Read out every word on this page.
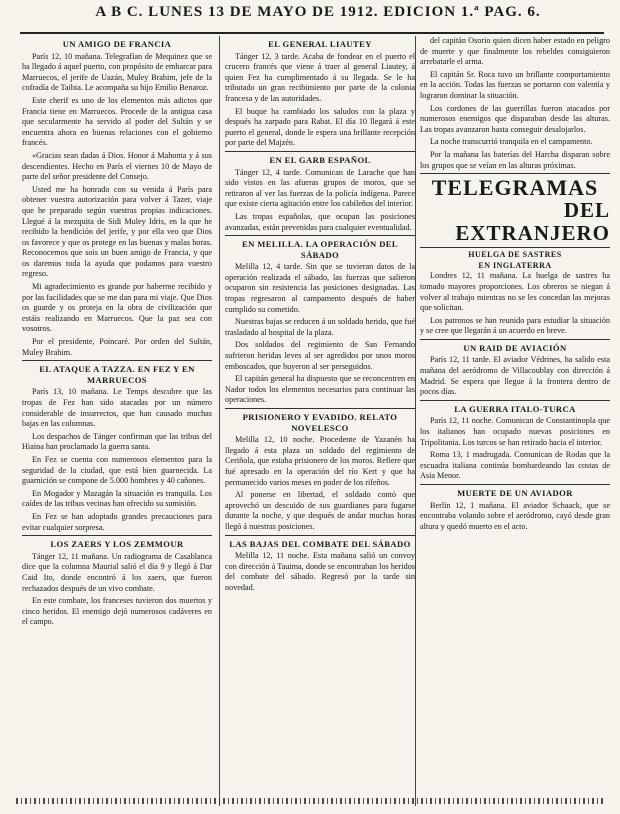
A B C. LUNES 13 DE MAYO DE 1912. EDICION 1.ª PAG. 6.
UN AMIGO DE FRANCIA

París 12, 10 mañana. Telegrafían de Mequinez que se ha llegado á aquel puerto, con propósito de embarcar para Marruecos, el jerife de Uazán, Muley Brahim, jefe de la cofradía de Taibia. Le acompaña su hijo Emilio Benaroz.

Este cherif es uno de los elementos más adictos que Francia tiene en Marruecos. Procede de la antigua casa que secularmente ha servido al poder del Sultán y se encuentra ahora en buenas relaciones con el gobierno francés.

«Gracias sean dadas á Dios. Honor á Mahoma y á sus descendientes. Hecho en París el viernes 10 de Mayo de parte del señor presidente del Consejo.

Usted me ha honrado con su venida á París para obtener vuestra autorización para volver á Tazer, viaje que he preparado según vuestras propias indicaciones. Llegué á la mezquita de Sidi Muley Idris, en la que he recibido la bendición del jerife, y por ella veo que Dios os favorece y que os protege en las buenas y malas horas. Reconocemos que sois un buen amigo de Francia, y que os daremos toda la ayuda que podamos para vuestro regreso.

Mi agradecimiento es grande por haberme recibido y por las facilidades que se me dan para mi viaje. Que Dios os guarde y os proteja en la obra de civilización que estáis realizando en Marruecos. Que la paz sea con vosotros.

Por el presidente, Poincaré. Por orden del Sultán, Muley Brahim.

EL ATAQUE A TAZZA. EN FEZ Y EN MARRUECOS

París 13, 10 mañana. Le Temps descubre que las tropas de Fez han sido atacadas por un número considerable de insurrectos, que han causado muchas bajas en las columnas.

Los despachos de Tánger confirman que las tribus del Hiaina han proclamado la guerra santa.

En Fez se cuenta con numerosos elementos para la seguridad de la ciudad, que está bien guarnecida. La guarnición se compone de 5.000 hombres y 40 cañones.

En Mogador y Mazagán la situación es tranquila. Los caídes de las tribus vecinas han ofrecido su sumisión.

En Fez se han adoptado grandes precauciones para evitar cualquier sorpresa.

LOS ZAERS Y LOS ZEMMOUR

Tánger 12, 11 mañana. Un radiograma de Casablanca dice que la columna Maurial salió el día 9 y llegó á Dar Caid Ito, donde encontró á los zaers, que fueron rechazados después de un vivo combate.

En este combate, los franceses tuvieron dos muertos y cinco heridos. El enemigo dejó numerosos cadáveres en el campo.

EL GENERAL LIAUTEY

Tánger 12, 3 tarde. Acaba de fondear en el puerto el crucero francés que viene á traer al general Liautey, á quien Fez ha cumplimentado á su llegada. Se le ha tributado un gran recibimiento por parte de la colonia francesa y de las autoridades.

El buque ha cambiado los saludos con la plaza y después ha zarpado para Rabat. El día 10 llegará á este puerto el general, donde le espera una brillante recepción por parte del Majzén.

EN EL GARB ESPAÑOL

Tánger 12, 4 tarde. Comunican de Larache que han sido vistos en las afueras grupos de moros, que se retiraron al ver las fuerzas de la policía indígena. Parece que existe cierta agitación entre los cabileños del interior.

Las tropas españolas, que ocupan las posiciones avanzadas, están prevenidas para cualquier eventualidad.

EN MELILLA. LA OPERACIÓN DEL SÁBADO

Melilla 12, 4 tarde. Sin que se tuvieran datos de la operación realizada el sábado, las fuerzas que salieron ocuparon sin resistencia las posiciones designadas. Las tropas regresaron al campamento después de haber cumplido su cometido.

Nuestras bajas se reducen á un soldado herido, que fué trasladado al hospital de la plaza.

Dos soldados del regimiento de San Fernando sufrieron heridas leves al ser agredidos por unos moros emboscados, que huyeron al ser perseguidos.

El capitán general ha dispuesto que se reconcentren en Nador todos los elementos necesarios para continuar las operaciones.

PRISIONERO Y EVADIDO. RELATO NOVELESCO

Melilla 12, 10 noche. Procedente de Yazanén ha llegado á esta plaza un soldado del regimiento de Ceriñola, que estaba prisionero de los moros. Refiere que fué apresado en la operación del río Kert y que ha permanecido varios meses en poder de los rifeños.

Al ponerse en libertad, el soldado contó que aprovechó un descuido de sus guardianes para fugarse durante la noche, y que después de andar muchas horas llegó á nuestras posiciones.

LAS BAJAS DEL COMBATE DEL SÁBADO

Melilla 12, 11 noche. Esta mañana salió un convoy con dirección á Tauima, donde se encontraban los heridos del combate del sábado. Regresó por la tarde sin novedad.

del capitán Osorio quien dicen haber estado en peligro de muerte y que finalmente los rebeldes consiguieron arrebatarle el arma.

El capitán Sr. Roca tuvo un brillante comportamiento en la acción. Todas las fuerzas se portaron con valentía y lograron dominar la situación.

Los cordones de las guerrillas fueron atacados por numerosos enemigos que disparaban desde las alturas. Las tropas avanzaron hasta conseguir desalojarlos.

La noche transcurrió tranquila en el campamento.

Por la mañana las baterías del Harcha disparan sobre los grupos que se veían en las alturas próximas.

TELEGRAMAS
DEL EXTRANJERO
HUELGA DE SASTRES
EN INGLATERRA

Londres 12, 11 mañana. La huelga de sastres ha tomado mayores proporciones. Los obreros se niegan á volver al trabajo mientras no se les concedan las mejoras que solicitan.

Los patronos se han reunido para estudiar la situación y se cree que llegarán á un acuerdo en breve.

UN RAID DE AVIACIÓN

París 12, 11 tarde. El aviador Védrines, ha salido esta mañana del aeródromo de Villacoublay con dirección á Madrid. Se espera que llegue á la frontera dentro de pocos días.

LA GUERRA ITALO-TURCA

París 12, 11 noche. Comunican de Constantinopla que los italianos han ocupado nuevas posiciones en Tripolitania. Los turcos se han retirado hacia el interior.

Roma 13, 1 madrugada. Comunican de Rodas que la escuadra italiana continúa bombardeando las costas de Asia Menor.

MUERTE DE UN AVIADOR

Berlín 12, 1 mañana. El aviador Schaack, que se encontraba volando sobre el aeródromo, cayó desde gran altura y quedó muerto en el acto.
